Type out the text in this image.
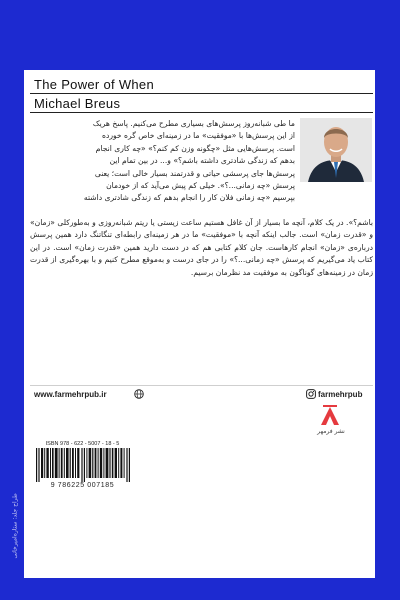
The Power of When
Michael Breus
ما طی شبانه‌روز پرسش‌های بسیاری مطرح می‌کنیم. پاسخ هریک
از این پرسش‌ها با «موفقیت» ما در زمینه‌ای خاص گره خورده
است. پرسش‌هایی مثل «چگونه وزن کم کنم؟» «چه کاری انجام
بدهم که زندگی شادتری داشته باشم؟» و... در بین تمام این
پرسش‌ها جای پرسشی حیاتی و قدرتمند بسیار خالی است؛ یعنی
پرسش «چه زمانی...؟». خیلی کم پیش می‌آید که از خودمان
بپرسیم «چه زمانی فلان کار را انجام بدهم که زندگی شادتری داشته
باشم؟». در یک کلام، آنچه ما بسیار از آن غافل هستیم ساعت زیستی یا ریتم شبانه‌روزی و به‌طورکلی «زمان» و «قدرت زمان» است. جالب اینکه آنچه با «موفقیت» ما در هر زمینه‌ای رابطه‌ای تنگاتنگ دارد همین پرسش درباره‌ی «زمان» انجام کارهاست. جان کلام کتابی هم که در دست دارید همین «قدرت زمان» است. در این کتاب یاد می‌گیریم که پرسش «چه زمانی...؟» را در جای درست و به‌موقع مطرح کنیم و با بهره‌گیری از قدرت زمان در زمینه‌های گوناگون به موفقیت مد نظرمان برسیم.
www.farmehrpub.ir	farmehrpub
نشر فرمهر
ISBN 978 - 622 - 5007 - 18 - 5
9 786225 007185
طراح جلد: ستاره‌امیرخانی
